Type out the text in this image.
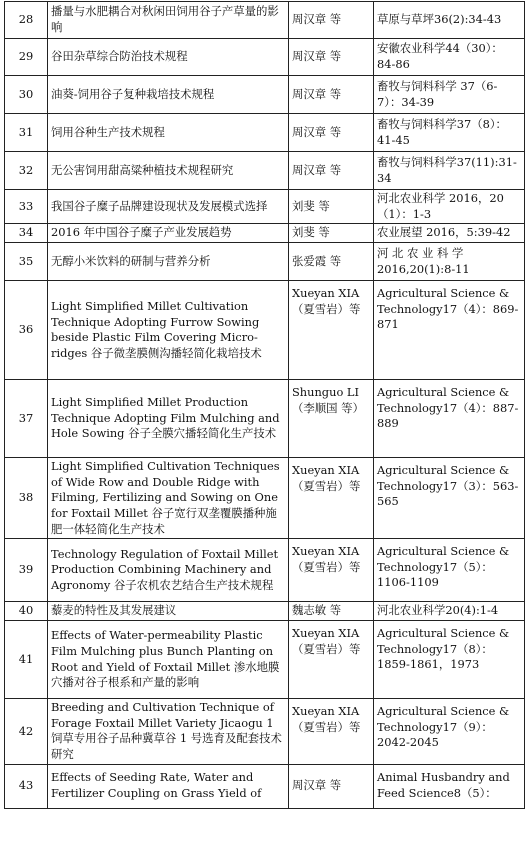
28	播量与水肥耦合对秋闲田饲用谷子产草量的影响	周汉章 等	草原与草坪36(2):34-43
29	谷田杂草综合防治技术规程	周汉章 等	安徽农业科学44（30）：84-86
30	油葵-饲用谷子复种栽培技术规程	周汉章 等	畜牧与饲料科学 37（6-7）：34-39
31	饲用谷种生产技术规程	周汉章 等	畜牧与饲料科学37（8）：41-45
32	无公害饲用甜高粱种植技术规程研究	周汉章 等	畜牧与饲料科学37(11):31-34
33	我国谷子糜子品牌建设现状及发展模式选择	刘斐 等	河北农业科学 2016，20（1）：1-3
34	2016 年中国谷子糜子产业发展趋势	刘斐 等	农业展望 2016，5:39-42
35	无醇小米饮料的研制与营养分析	张爱霞 等	河 北 农 业 科 学 2016,20(1):8-11
36	Light Simplified Millet Cultivation Technique Adopting Furrow Sowing beside Plastic Film Covering Micro-ridges 谷子微垄膜侧沟播轻简化栽培技术	Xueyan XIA（夏雪岩）等	Agricultural Science & Technology17（4）：869-871
37	Light Simplified Millet Production Technique Adopting Film Mulching and Hole Sowing 谷子全膜穴播轻简化生产技术	Shunguo LI（李顺国 等）	Agricultural Science & Technology17（4）：887-889
38	Light Simplified Cultivation Techniques of Wide Row and Double Ridge with Filming, Fertilizing and Sowing on One for Foxtail Millet 谷子宽行双垄覆膜播种施肥一体轻简化生产技术	Xueyan XIA（夏雪岩）等	Agricultural Science & Technology17（3）：563-565
39	Technology Regulation of Foxtail Millet Production Combining Machinery and Agronomy 谷子农机农艺结合生产技术规程	Xueyan XIA（夏雪岩）等	Agricultural Science & Technology17（5）：1106-1109
40	藜麦的特性及其发展建议	魏志敏 等	河北农业科学20(4):1-4
41	Effects of Water-permeability Plastic Film Mulching plus Bunch Planting on Root and Yield of Foxtail Millet 渗水地膜穴播对谷子根系和产量的影响	Xueyan XIA（夏雪岩）等	Agricultural Science & Technology17（8）：1859-1861，1973
42	Breeding and Cultivation Technique of Forage Foxtail Millet Variety Jicaogu 1 饲草专用谷子品种冀草谷 1 号选育及配套技术研究	Xueyan XIA（夏雪岩）等	Agricultural Science & Technology17（9）：2042-2045
43	Effects of Seeding Rate, Water and Fertilizer Coupling on Grass Yield of	周汉章 等	Animal Husbandry and Feed Science8（5）：
